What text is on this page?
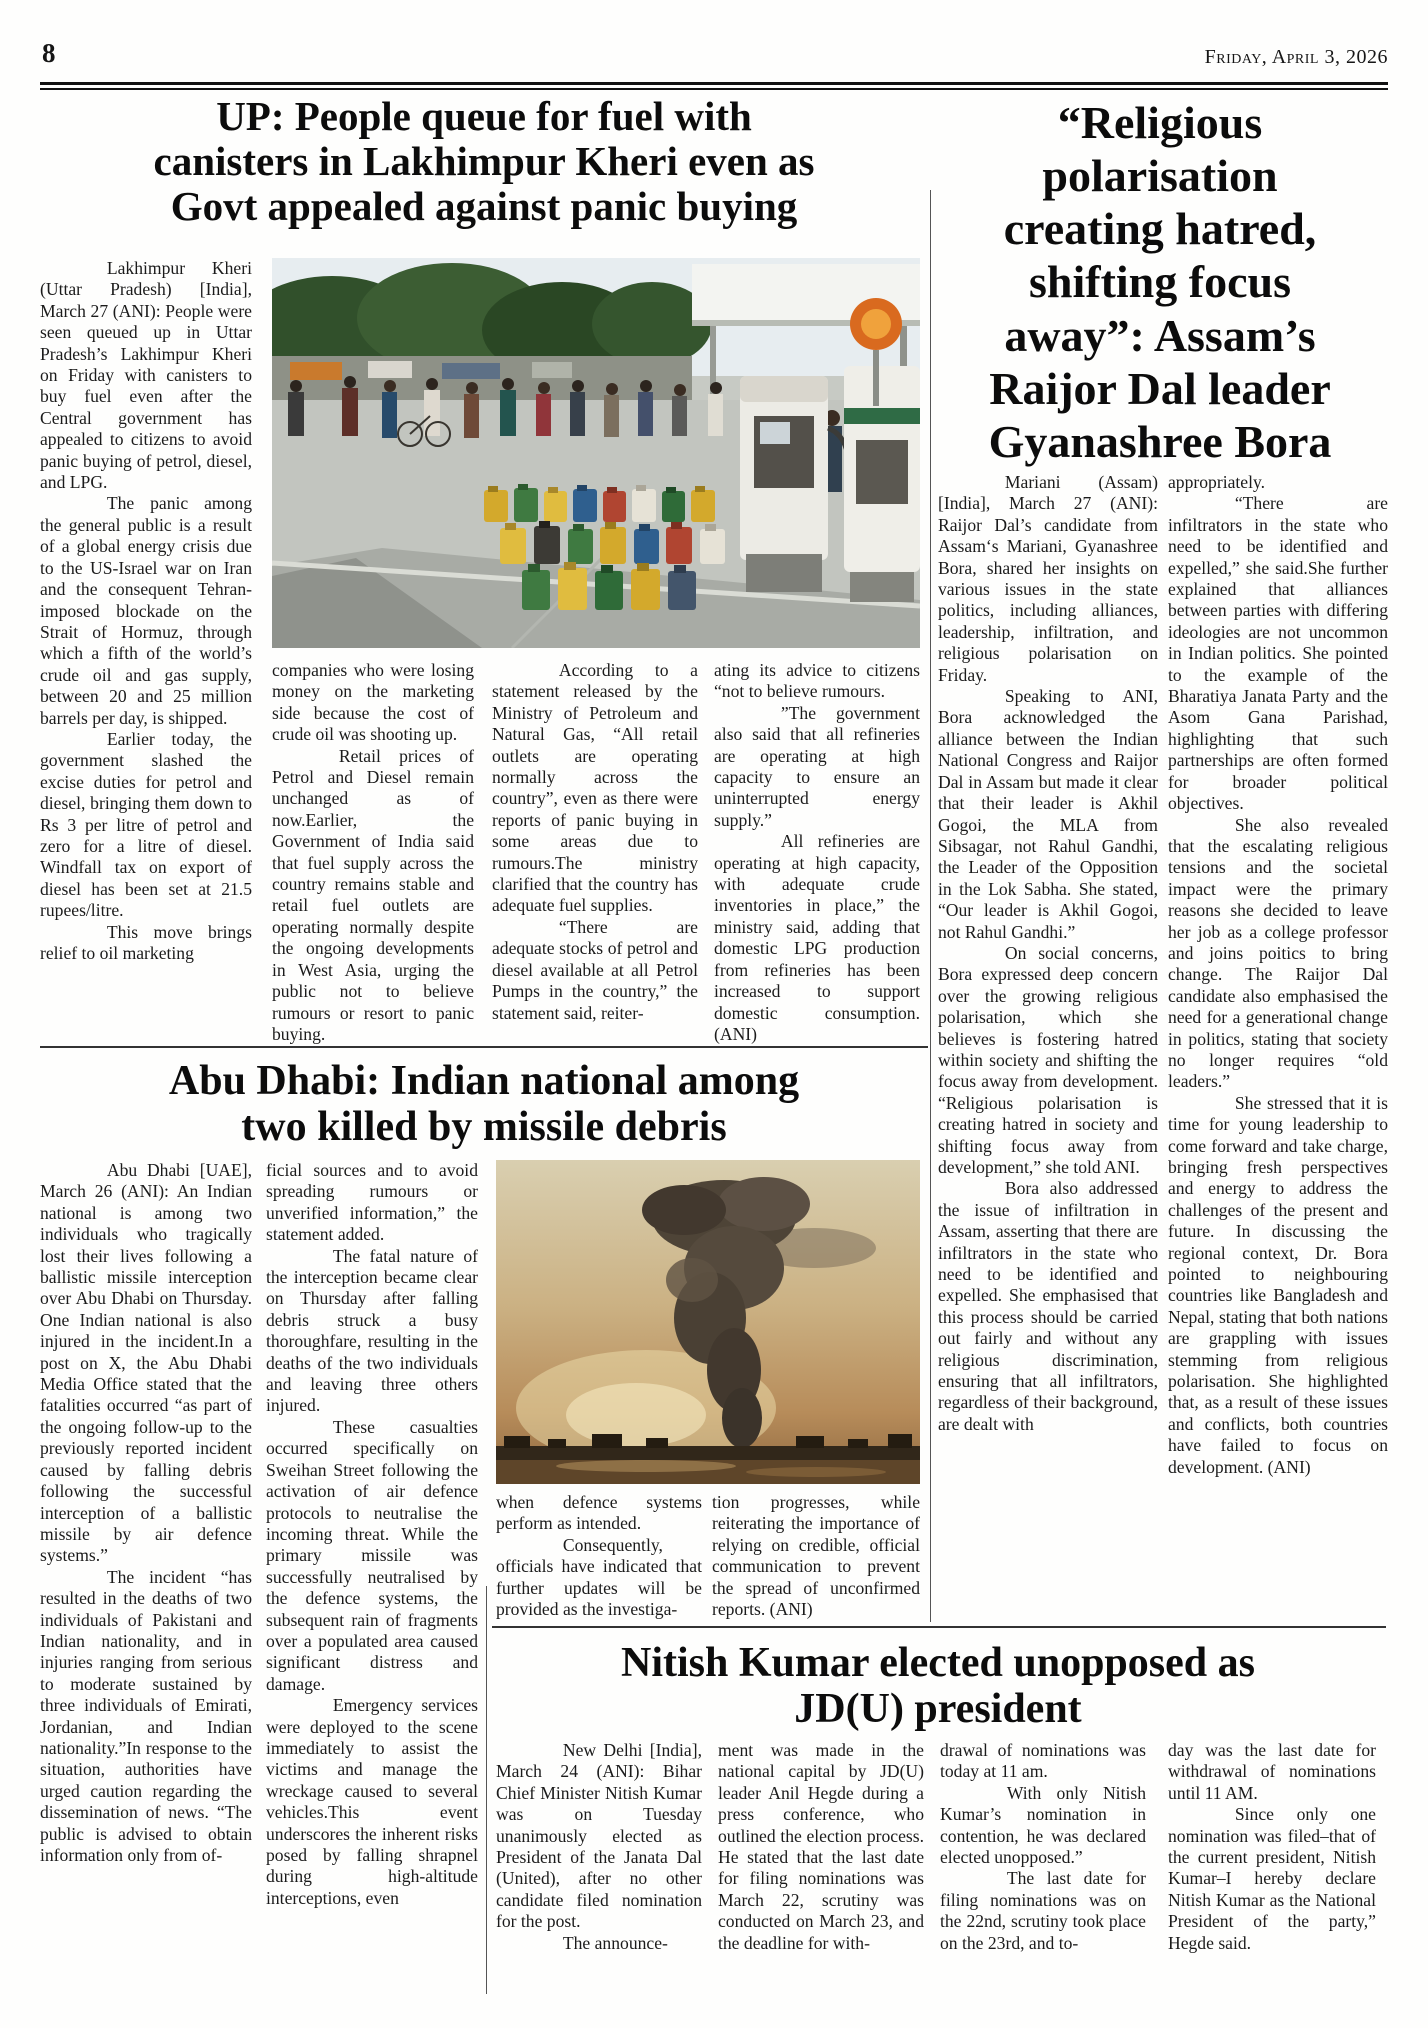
8	Friday, April 3, 2026
UP: People queue for fuel with
canisters in Lakhimpur Kheri even as
Govt appealed against panic buying

Lakhimpur Kheri (Uttar Pradesh) [India], March 27 (ANI): People were seen queued up in Uttar Pradesh’s Lakhimpur Kheri on Friday with canisters to buy fuel even after the Central government has appealed to citizens to avoid panic buying of petrol, diesel, and LPG.

The panic among the general public is a result of a global energy crisis due to the US-Israel war on Iran and the consequent Tehran-imposed blockade on the Strait of Hormuz, through which a fifth of the world’s crude oil and gas supply, between 20 and 25 million barrels per day, is shipped.

Earlier today, the government slashed the excise duties for petrol and diesel, bringing them down to Rs 3 per litre of petrol and zero for a litre of diesel. Windfall tax on export of diesel has been set at 21.5 rupees/litre.

This move brings relief to oil marketing

companies who were losing money on the marketing side because the cost of crude oil was shooting up.

Retail prices of Petrol and Diesel remain unchanged as of now.Earlier, the Government of India said that fuel supply across the country remains stable and retail fuel outlets are operating normally despite the ongoing developments in West Asia, urging the public not to believe rumours or resort to panic buying.

According to a statement released by the Ministry of Petroleum and Natural Gas, “All retail outlets are operating normally across the country”, even as there were reports of panic buying in some areas due to rumours.The ministry clarified that the country has adequate fuel supplies.

“There are adequate stocks of petrol and diesel available at all Petrol Pumps in the country,” the statement said, reiter-

ating its advice to citizens “not to believe rumours.

”The government also said that all refineries are operating at high capacity to ensure an uninterrupted energy supply.”

All refineries are operating at high capacity, with adequate crude inventories in place,” the ministry said, adding that domestic LPG production from refineries has been increased to support domestic consumption. (ANI)

“Religious
polarisation
creating hatred,
shifting focus
away”: Assam’s
Raijor Dal leader
Gyanashree Bora

Mariani (Assam) [India], March 27 (ANI): Raijor Dal’s candidate from Assam‘s Mariani, Gyanashree Bora, shared her insights on various issues in the state politics, including alliances, leadership, infiltration, and religious polarisation on Friday.

Speaking to ANI, Bora acknowledged the alliance between the Indian National Congress and Raijor Dal in Assam but made it clear that their leader is Akhil Gogoi, the MLA from Sibsagar, not Rahul Gandhi, the Leader of the Opposition in the Lok Sabha. She stated, “Our leader is Akhil Gogoi, not Rahul Gandhi.”

On social concerns, Bora expressed deep concern over the growing religious polarisation, which she believes is fostering hatred within society and shifting the focus away from development. “Religious polarisation is creating hatred in society and shifting focus away from development,” she told ANI.

Bora also addressed the issue of infiltration in Assam, asserting that there are infiltrators in the state who need to be identified and expelled. She emphasised that this process should be carried out fairly and without any religious discrimination, ensuring that all infiltrators, regardless of their background, are dealt with

appropriately.

“There are infiltrators in the state who need to be identified and expelled,” she said.She further explained that alliances between parties with differing ideologies are not uncommon in Indian politics. She pointed to the example of the Bharatiya Janata Party and the Asom Gana Parishad, highlighting that such partnerships are often formed for broader political objectives.

She also revealed that the escalating religious tensions and the societal impact were the primary reasons she decided to leave her job as a college professor and joins poitics to bring change. The Raijor Dal candidate also emphasised the need for a generational change in politics, stating that society no longer requires “old leaders.”

She stressed that it is time for young leadership to come forward and take charge, bringing fresh perspectives and energy to address the challenges of the present and future. In discussing the regional context, Dr. Bora pointed to neighbouring countries like Bangladesh and Nepal, stating that both nations are grappling with issues stemming from religious polarisation. She highlighted that, as a result of these issues and conflicts, both countries have failed to focus on development. (ANI)

Abu Dhabi: Indian national among
two killed by missile debris

Abu Dhabi [UAE], March 26 (ANI): An Indian national is among two individuals who tragically lost their lives following a ballistic missile interception over Abu Dhabi on Thursday. One Indian national is also injured in the incident.In a post on X, the Abu Dhabi Media Office stated that the fatalities occurred “as part of the ongoing follow-up to the previously reported incident caused by falling debris following the successful interception of a ballistic missile by air defence systems.”

The incident “has resulted in the deaths of two individuals of Pakistani and Indian nationality, and in injuries ranging from serious to moderate sustained by three individuals of Emirati, Jordanian, and Indian nationality.”In response to the situation, authorities have urged caution regarding the dissemination of news. “The public is advised to obtain information only from of-

ficial sources and to avoid spreading rumours or unverified information,” the statement added.

The fatal nature of the interception became clear on Thursday after falling debris struck a busy thoroughfare, resulting in the deaths of the two individuals and leaving three others injured.

These casualties occurred specifically on Sweihan Street following the activation of air defence protocols to neutralise the incoming threat. While the primary missile was successfully neutralised by the defence systems, the subsequent rain of fragments over a populated area caused significant distress and damage.

Emergency services were deployed to the scene immediately to assist the victims and manage the wreckage caused to several vehicles.This event underscores the inherent risks posed by falling shrapnel during high-altitude interceptions, even

when defence systems perform as intended.

Consequently, officials have indicated that further updates will be provided as the investiga-

tion progresses, while reiterating the importance of relying on credible, official communication to prevent the spread of unconfirmed reports. (ANI)

Nitish Kumar elected unopposed as
JD(U) president

New Delhi [India], March 24 (ANI): Bihar Chief Minister Nitish Kumar was on Tuesday unanimously elected as President of the Janata Dal (United), after no other candidate filed nomination for the post.

The announce-

ment was made in the national capital by JD(U) leader Anil Hegde during a press conference, who outlined the election process. He stated that the last date for filing nominations was March 22, scrutiny was conducted on March 23, and the deadline for with-

drawal of nominations was today at 11 am.

With only Nitish Kumar’s nomination in contention, he was declared elected unopposed.”

The last date for filing nominations was on the 22nd, scrutiny took place on the 23rd, and to-

day was the last date for withdrawal of nominations until 11 AM.

Since only one nomination was filed–that of the current president, Nitish Kumar–I hereby declare Nitish Kumar as the National President of the party,” Hegde said.
